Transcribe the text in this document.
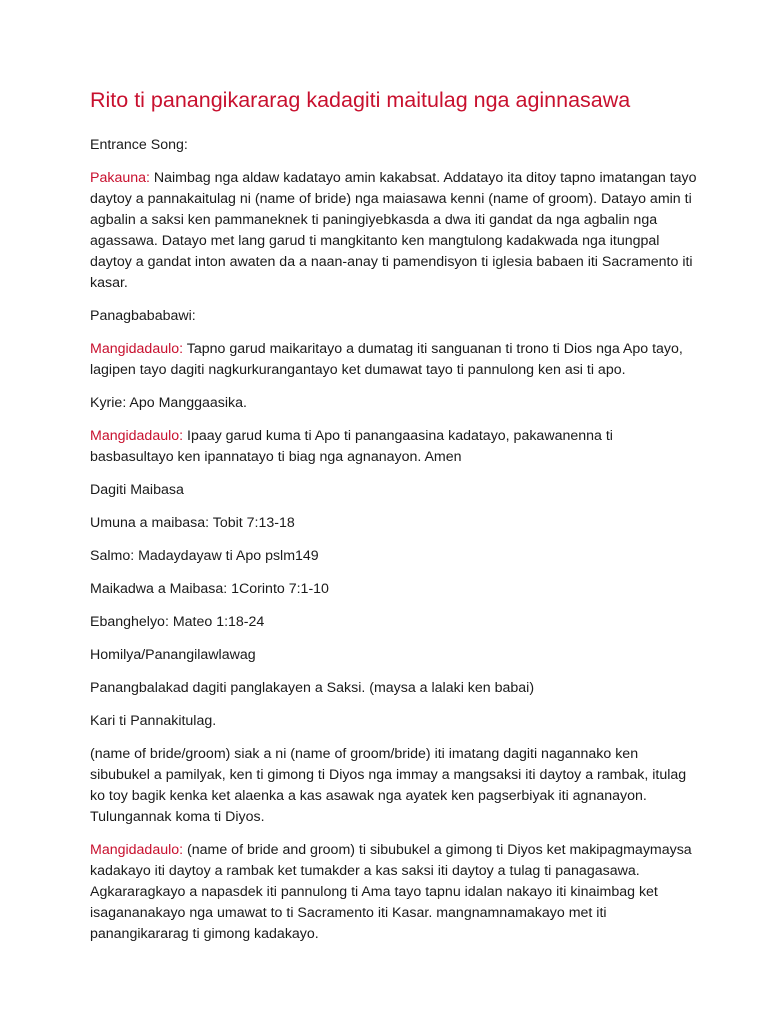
Rito ti panangikararag kadagiti maitulag nga aginnasawa
Entrance Song:

Pakauna: Naimbag nga aldaw kadatayo amin kakabsat. Addatayo ita ditoy tapno imatangan tayo daytoy a pannakaitulag ni (name of bride) nga maiasawa kenni (name of groom). Datayo amin ti agbalin a saksi ken pammaneknek ti paningiyebkasda a dwa iti gandat da nga agbalin nga agassawa. Datayo met lang garud ti mangkitanto ken mangtulong kadakwada nga itungpal daytoy a gandat inton awaten da a naan-anay ti pamendisyon ti iglesia babaen iti Sacramento iti kasar.

Panagbababawi:

Mangidadaulo: Tapno garud maikaritayo a dumatag iti sanguanan ti trono ti Dios nga Apo tayo, lagipen tayo dagiti nagkurkurangantayo ket dumawat tayo ti pannulong ken asi ti apo.

Kyrie: Apo Manggaasika.

Mangidadaulo: Ipaay garud kuma ti Apo ti panangaasina kadatayo, pakawanenna ti basbasultayo ken ipannatayo ti biag nga agnanayon. Amen

Dagiti Maibasa

Umuna a maibasa: Tobit 7:13-18

Salmo: Madaydayaw ti Apo pslm149

Maikadwa a Maibasa: 1Corinto 7:1-10

Ebanghelyo: Mateo 1:18-24

Homilya/Panangilawlawag
Panangbalakad dagiti panglakayen a Saksi. (maysa a lalaki ken babai)
Kari ti Pannakitulag.

(name of bride/groom) siak a ni (name of groom/bride) iti imatang dagiti nagannako ken sibubukel a pamilyak, ken ti gimong ti Diyos nga immay a mangsaksi iti daytoy a rambak, itulag ko toy bagik kenka ket alaenka a kas asawak nga ayatek ken pagserbiyak iti agnanayon. Tulungannak koma ti Diyos.

Mangidadaulo: (name of bride and groom) ti sibubukel a gimong ti Diyos ket makipagmaymaysa kadakayo iti daytoy a rambak ket tumakder a kas saksi iti daytoy a tulag ti panagasawa. Agkararagkayo a napasdek iti pannulong ti Ama tayo tapnu idalan nakayo iti kinaimbag ket isagananakayo nga umawat to ti Sacramento iti Kasar. mangnamnamakayo met iti panangikararag ti gimong kadakayo.
